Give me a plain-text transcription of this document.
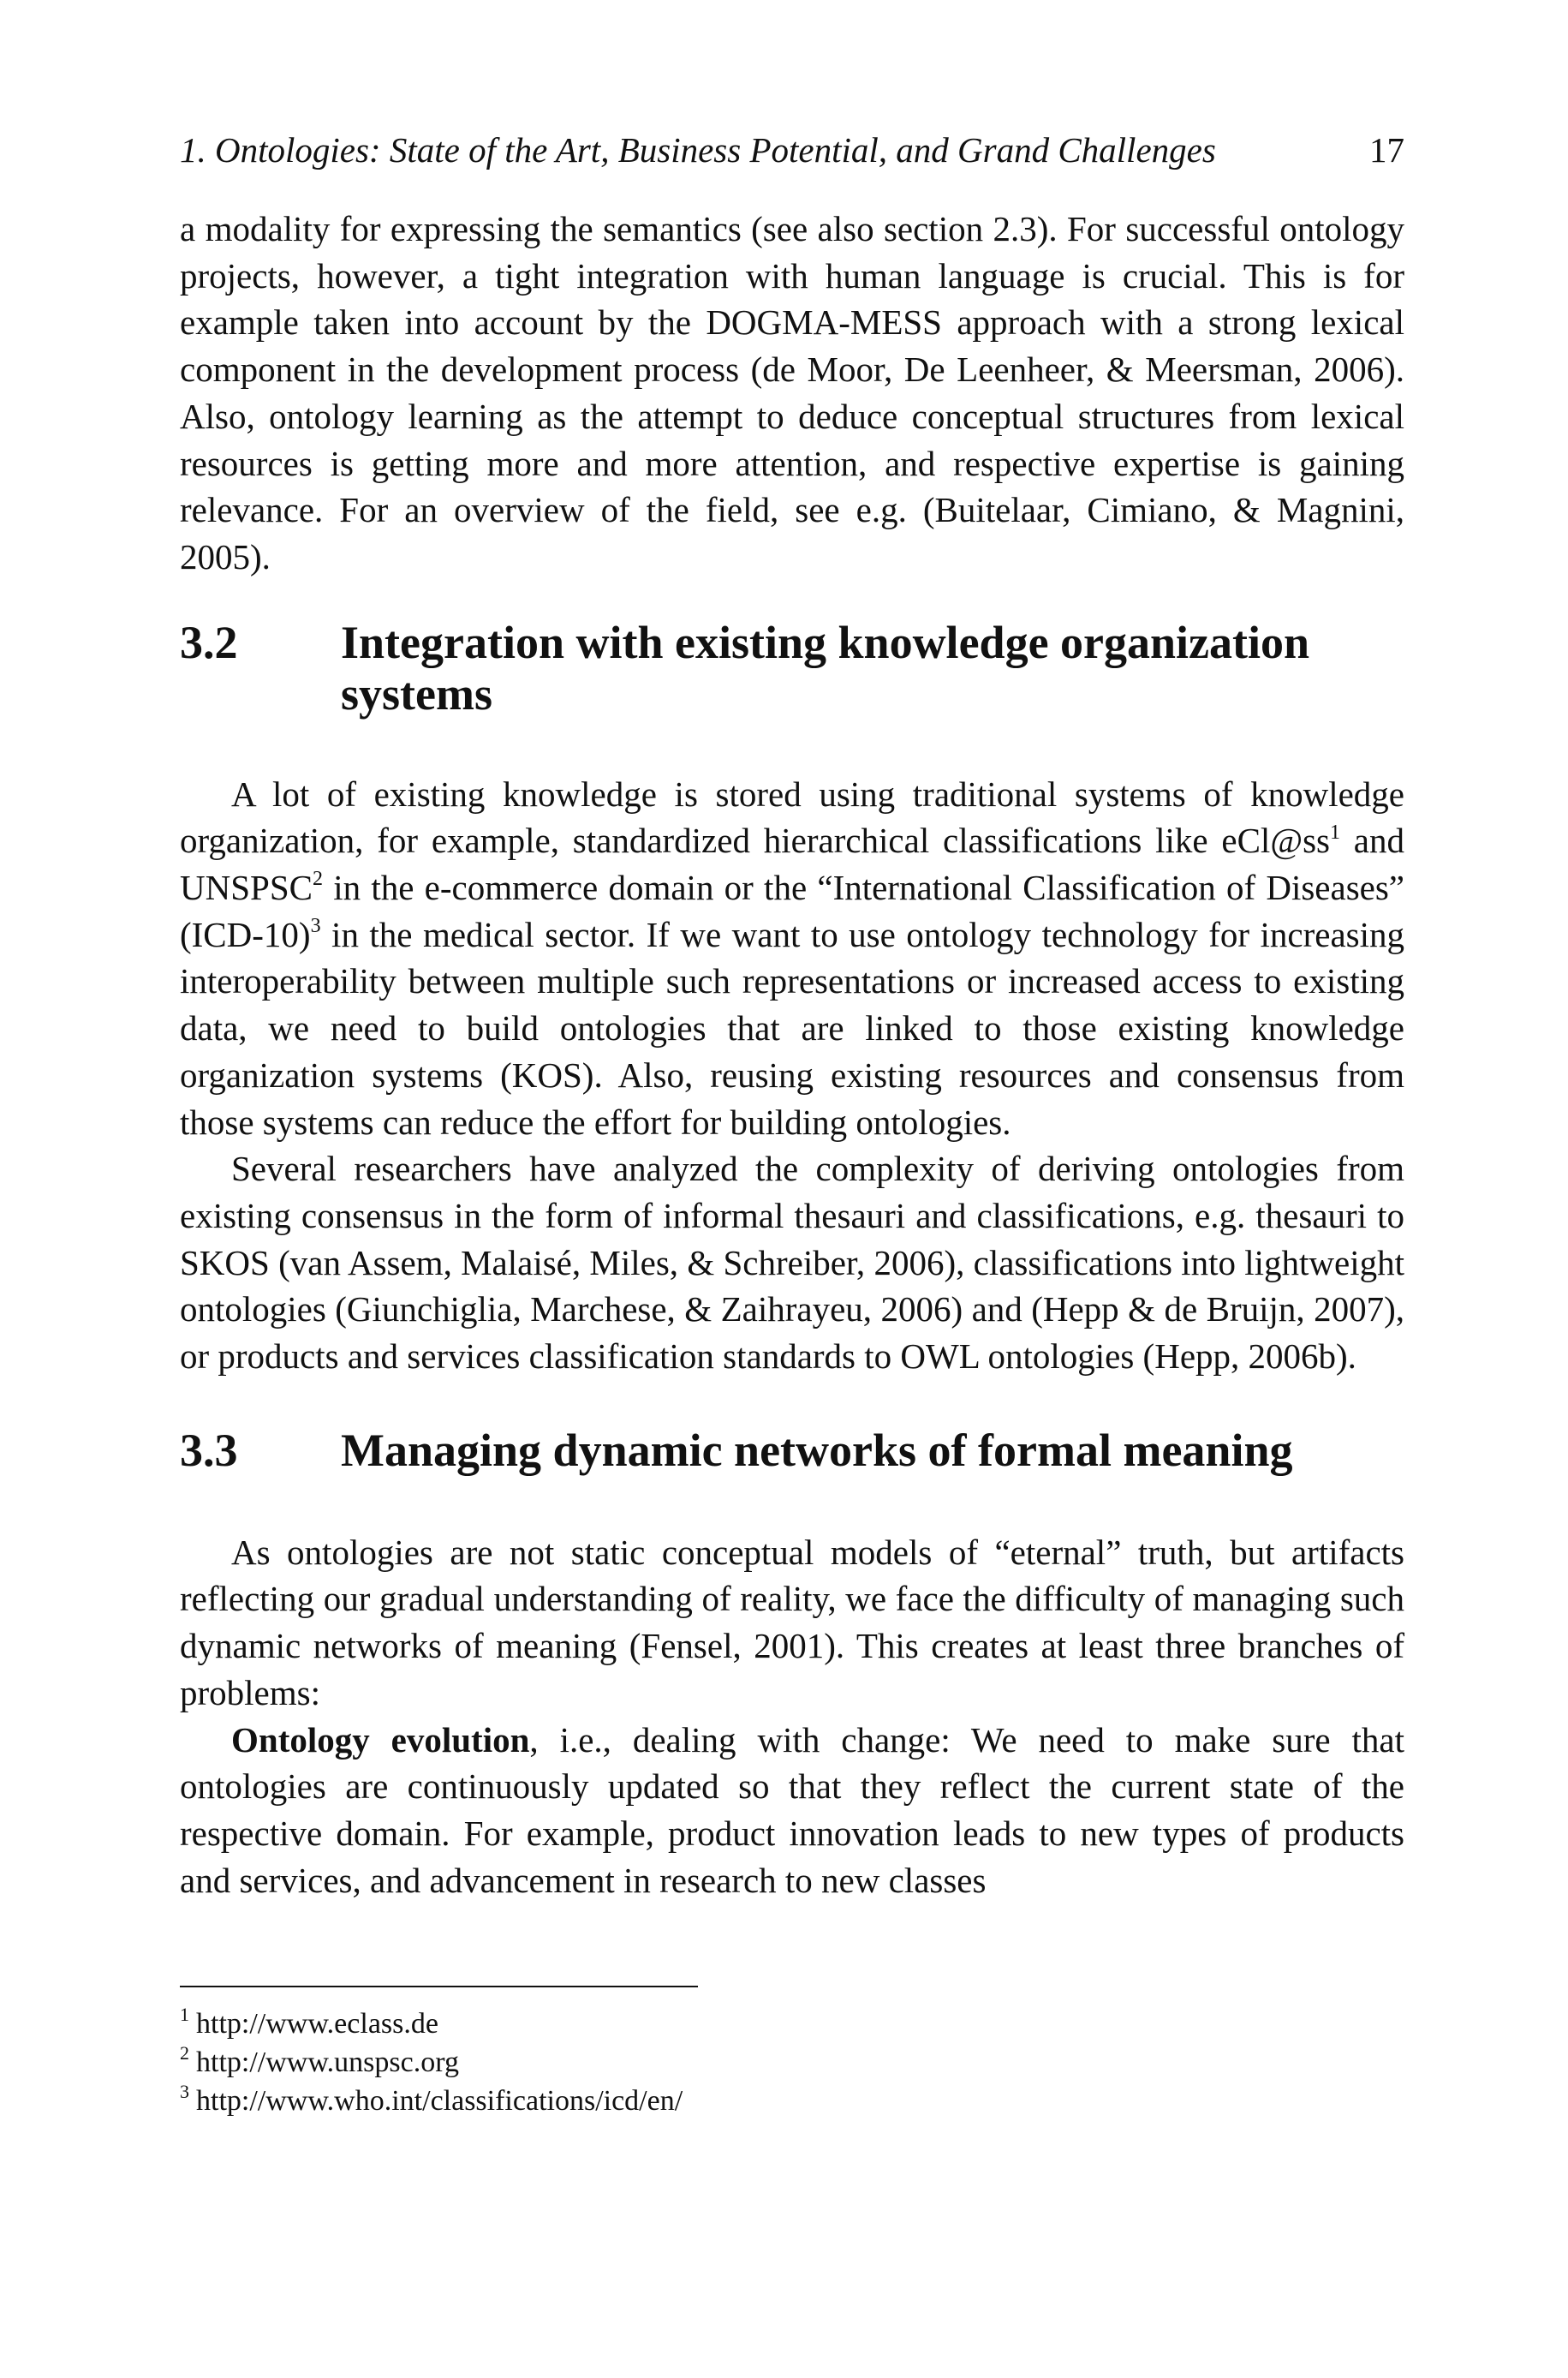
1. Ontologies: State of the Art, Business Potential, and Grand Challenges	17

a modality for expressing the semantics (see also section 2.3). For successful ontology projects, however, a tight integration with human language is crucial. This is for example taken into account by the DOGMA-MESS approach with a strong lexical component in the development process (de Moor, De Leenheer, & Meersman, 2006). Also, ontology learning as the attempt to deduce conceptual structures from lexical resources is getting more and more attention, and respective expertise is gaining relevance. For an overview of the field, see e.g. (Buitelaar, Cimiano, & Magnini, 2005).

3.2	Integration with existing knowledge organization systems

A lot of existing knowledge is stored using traditional systems of knowledge organization, for example, standardized hierarchical classifications like $eCl@ss^1$ and UNSPSC$^2$ in the e-commerce domain or the “International Classification of Diseases” $(ICD-10)^3$ in the medical sector. If we want to use ontology technology for increasing interoperability between multiple such representations or increased access to existing data, we need to build ontologies that are linked to those existing knowledge organization systems (KOS). Also, reusing existing resources and consensus from those systems can reduce the effort for building ontologies.

Several researchers have analyzed the complexity of deriving ontologies from existing consensus in the form of informal thesauri and classifications, e.g. thesauri to SKOS (van Assem, Malaisé, Miles, & Schreiber, 2006), classifications into lightweight ontologies (Giunchiglia, Marchese, & Zaihrayeu, 2006) and (Hepp & de Bruijn, 2007), or products and services classification standards to OWL ontologies (Hepp, 2006b).

3.3	Managing dynamic networks of formal meaning

As ontologies are not static conceptual models of “eternal” truth, but artifacts reflecting our gradual understanding of reality, we face the difficulty of managing such dynamic networks of meaning (Fensel, 2001). This creates at least three branches of problems:

Ontology evolution, i.e., dealing with change: We need to make sure that ontologies are continuously updated so that they reflect the current state of the respective domain. For example, product innovation leads to new types of products and services, and advancement in research to new classes

$^1$ http://www.eclass.de
$^2$ http://www.unspsc.org
$^3$ http://www.who.int/classifications/icd/en/
